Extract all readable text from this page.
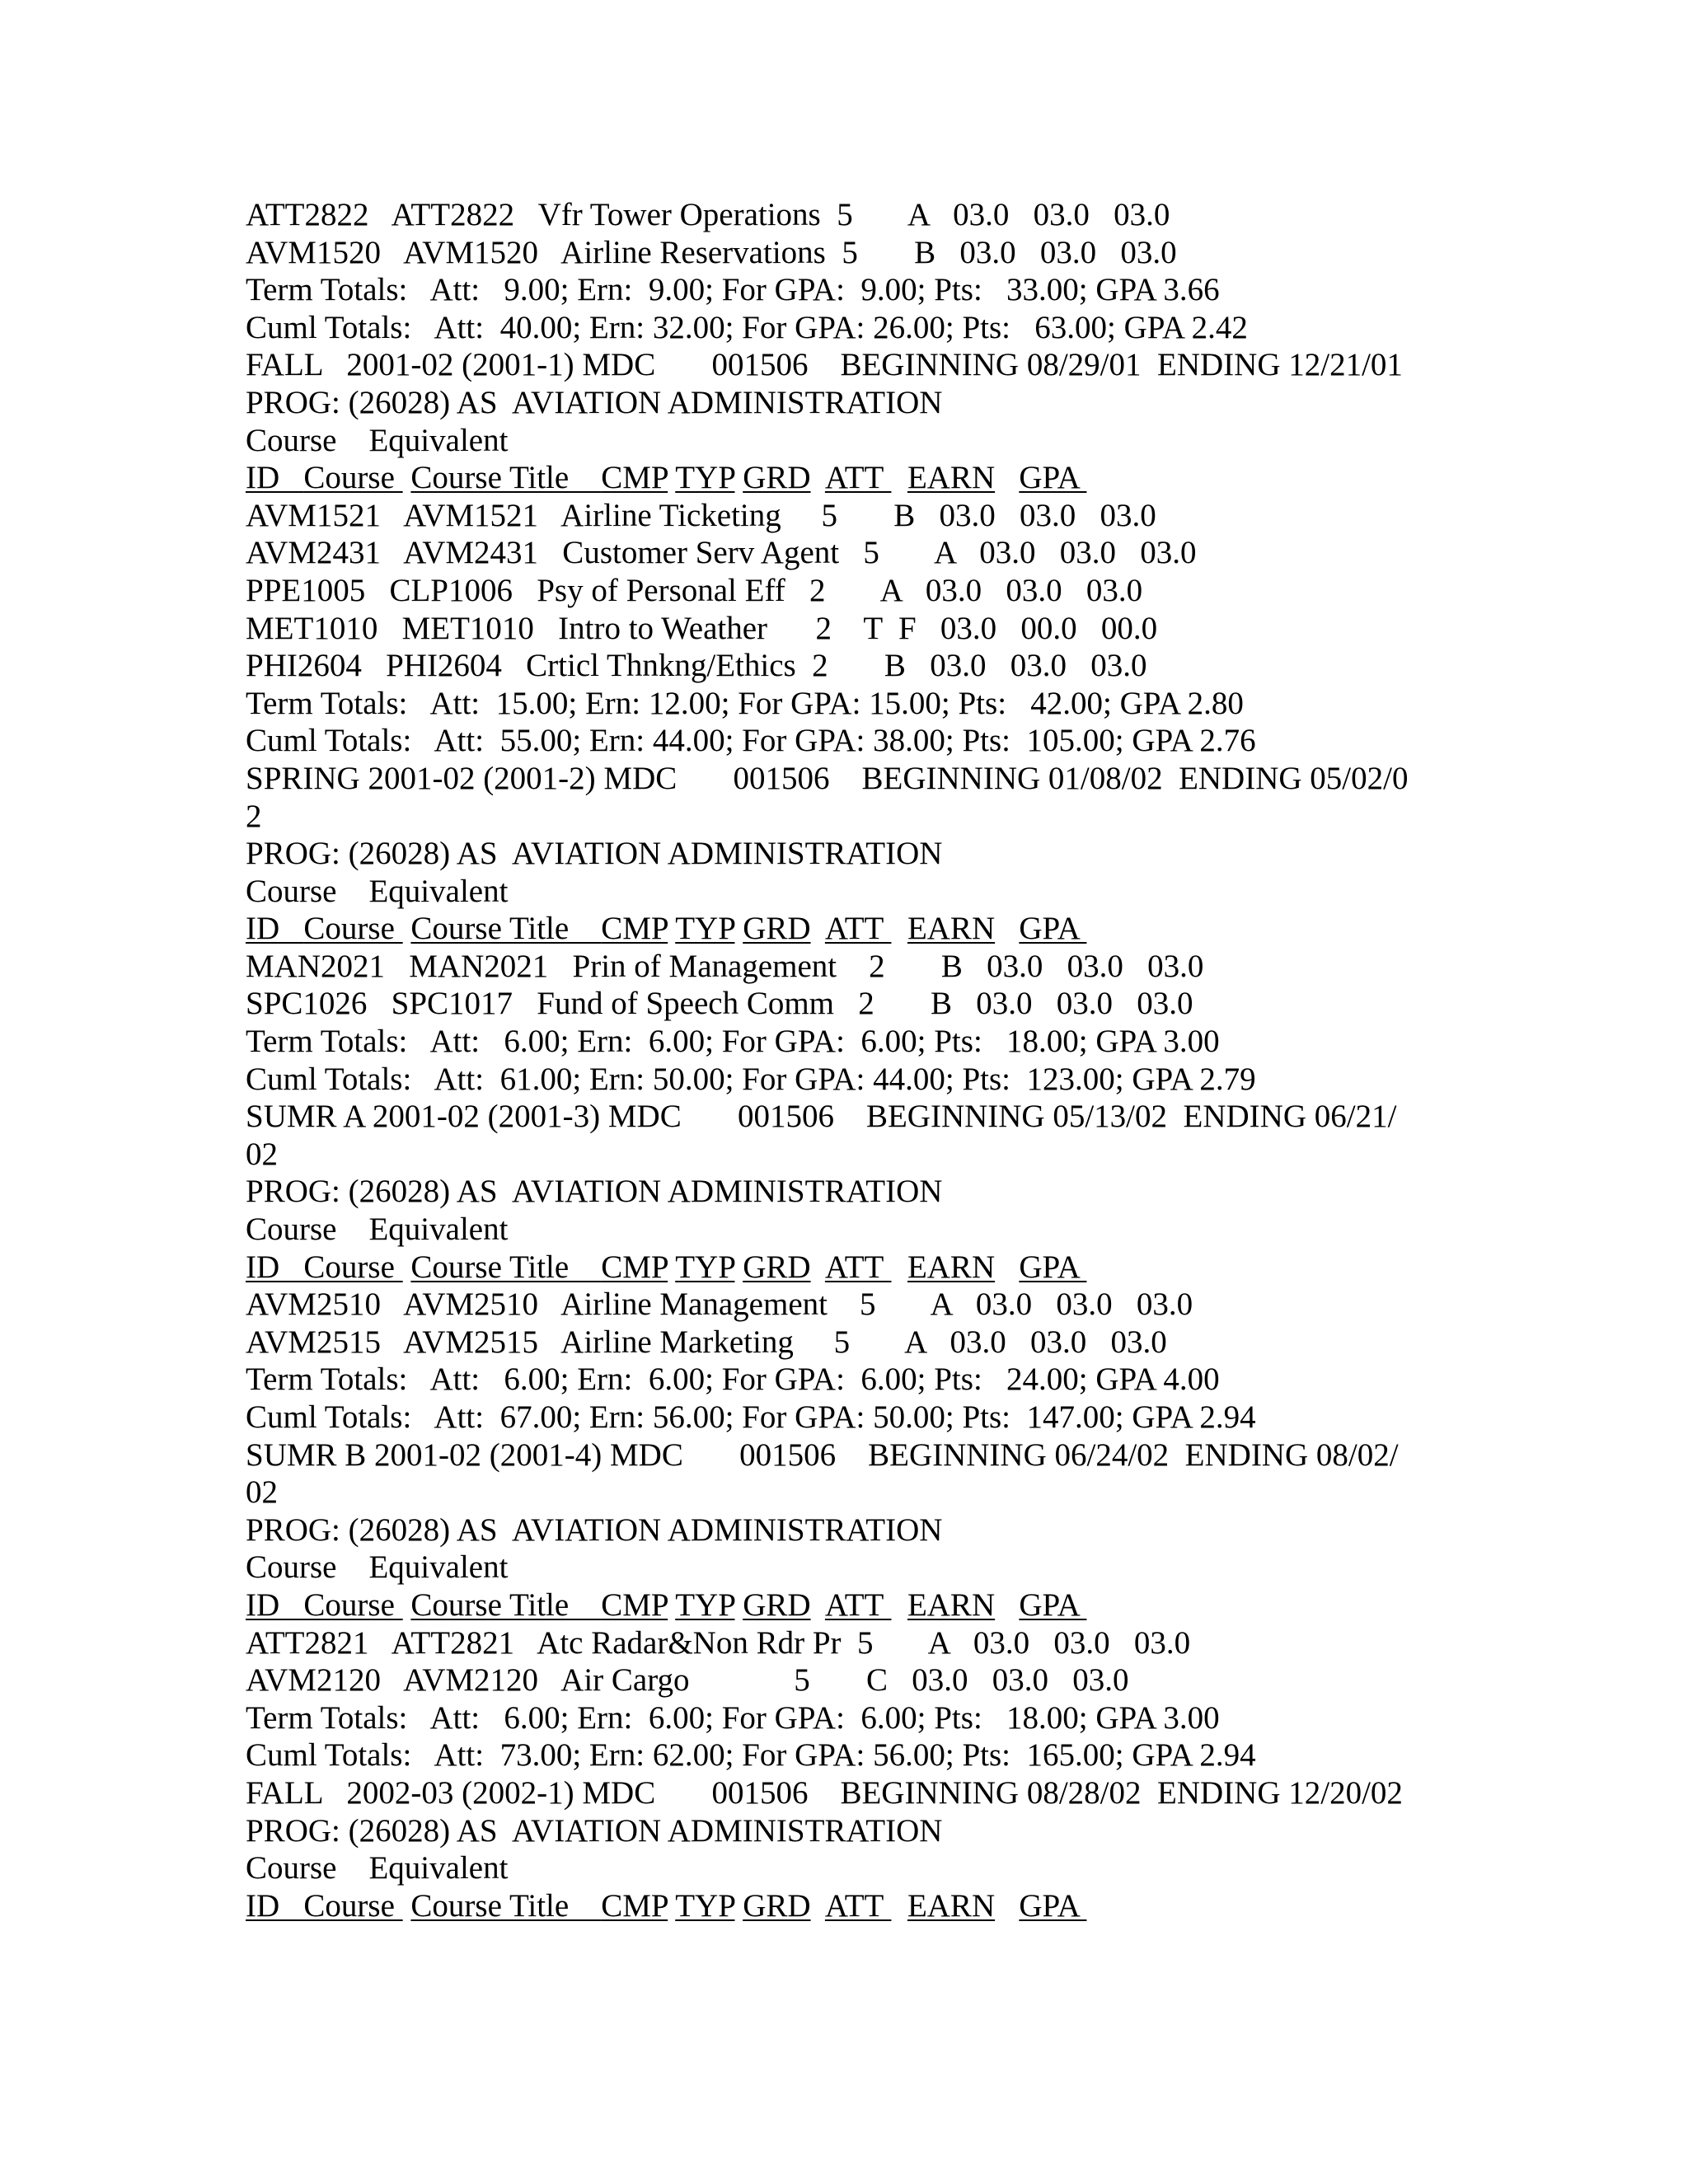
ATT2822   ATT2822   Vfr Tower Operations  5       A   03.0   03.0   03.0
AVM1520   AVM1520   Airline Reservations  5       B   03.0   03.0   03.0
Term Totals:   Att:   9.00; Ern:  9.00; For GPA:  9.00; Pts:   33.00; GPA 3.66
Cuml Totals:   Att:  40.00; Ern: 32.00; For GPA: 26.00; Pts:   63.00; GPA 2.42
FALL   2001-02 (2001-1) MDC       001506    BEGINNING 08/29/01  ENDING 12/21/01
PROG: (26028) AS  AVIATION ADMINISTRATION
Course    Equivalent
ID   Course  Course Title    CMP TYP GRD ATT   EARN GPA
AVM1521   AVM1521   Airline Ticketing     5       B   03.0   03.0   03.0
AVM2431   AVM2431   Customer Serv Agent   5       A   03.0   03.0   03.0
PPE1005   CLP1006   Psy of Personal Eff   2       A   03.0   03.0   03.0
MET1010   MET1010   Intro to Weather      2    T  F   03.0   00.0   00.0
PHI2604   PHI2604   Crticl Thnkng/Ethics  2       B   03.0   03.0   03.0
Term Totals:   Att:  15.00; Ern: 12.00; For GPA: 15.00; Pts:   42.00; GPA 2.80
Cuml Totals:   Att:  55.00; Ern: 44.00; For GPA: 38.00; Pts:  105.00; GPA 2.76
SPRING 2001-02 (2001-2) MDC       001506    BEGINNING 01/08/02  ENDING 05/02/0
2
PROG: (26028) AS  AVIATION ADMINISTRATION
Course    Equivalent
ID   Course  Course Title    CMP TYP GRD ATT   EARN GPA
MAN2021   MAN2021   Prin of Management    2       B   03.0   03.0   03.0
SPC1026   SPC1017   Fund of Speech Comm   2       B   03.0   03.0   03.0
Term Totals:   Att:   6.00; Ern:  6.00; For GPA:  6.00; Pts:   18.00; GPA 3.00
Cuml Totals:   Att:  61.00; Ern: 50.00; For GPA: 44.00; Pts:  123.00; GPA 2.79
SUMR A 2001-02 (2001-3) MDC       001506    BEGINNING 05/13/02  ENDING 06/21/
02
PROG: (26028) AS  AVIATION ADMINISTRATION
Course    Equivalent
ID   Course  Course Title    CMP TYP GRD ATT   EARN GPA
AVM2510   AVM2510   Airline Management    5       A   03.0   03.0   03.0
AVM2515   AVM2515   Airline Marketing     5       A   03.0   03.0   03.0
Term Totals:   Att:   6.00; Ern:  6.00; For GPA:  6.00; Pts:   24.00; GPA 4.00
Cuml Totals:   Att:  67.00; Ern: 56.00; For GPA: 50.00; Pts:  147.00; GPA 2.94
SUMR B 2001-02 (2001-4) MDC       001506    BEGINNING 06/24/02  ENDING 08/02/
02
PROG: (26028) AS  AVIATION ADMINISTRATION
Course    Equivalent
ID   Course  Course Title    CMP TYP GRD ATT   EARN GPA
ATT2821   ATT2821   Atc Radar&Non Rdr Pr  5       A   03.0   03.0   03.0
AVM2120   AVM2120   Air Cargo             5       C   03.0   03.0   03.0
Term Totals:   Att:   6.00; Ern:  6.00; For GPA:  6.00; Pts:   18.00; GPA 3.00
Cuml Totals:   Att:  73.00; Ern: 62.00; For GPA: 56.00; Pts:  165.00; GPA 2.94
FALL   2002-03 (2002-1) MDC       001506    BEGINNING 08/28/02  ENDING 12/20/02
PROG: (26028) AS  AVIATION ADMINISTRATION
Course    Equivalent
ID   Course  Course Title    CMP TYP GRD ATT   EARN GPA
